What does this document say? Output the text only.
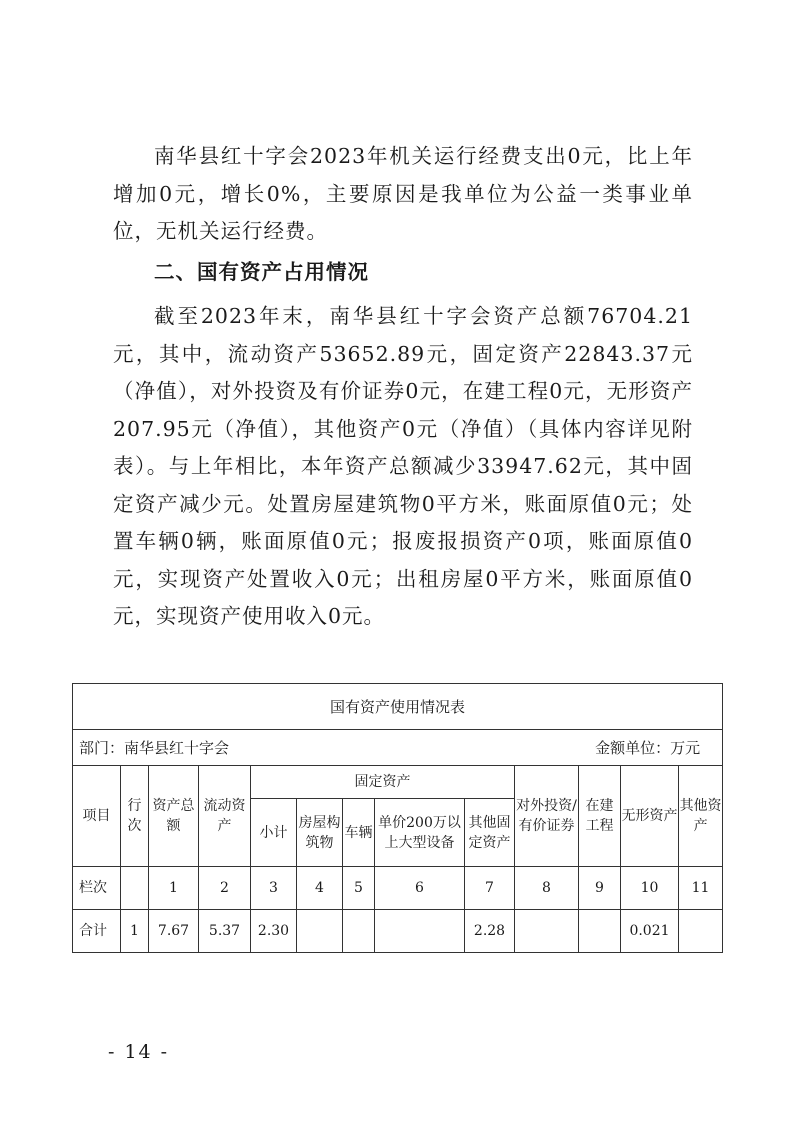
南华县红十字会2023年机关运行经费支出0元，比上年增加0元，增长0%，主要原因是我单位为公益一类事业单位，无机关运行经费。

二、国有资产占用情况

截至2023年末，南华县红十字会资产总额76704.21元，其中，流动资产53652.89元，固定资产22843.37元（净值），对外投资及有价证券0元，在建工程0元，无形资产207.95元（净值），其他资产0元（净值）（具体内容详见附表）。与上年相比，本年资产总额减少33947.62元，其中固定资产减少元。处置房屋建筑物0平方米，账面原值0元；处置车辆0辆，账面原值0元；报废报损资产0项，账面原值0元，实现资产处置收入0元；出租房屋0平方米，账面原值0元，实现资产使用收入0元。

国有资产使用情况表												

部门：南华县红十字会 金额单位：万元												

项目	行次	资产总额	流动资产	固定资产					对外投资/有价证券	在建工程	无形资产	其他资产
				小计	房屋构筑物	车辆	单价200万以上大型设备	其他固定资产				
栏次		1	2	3	4	5	6	7	8	9	10	11
合计	1	7.67	5.37	2.30				2.28			0.021	
- 14 -
